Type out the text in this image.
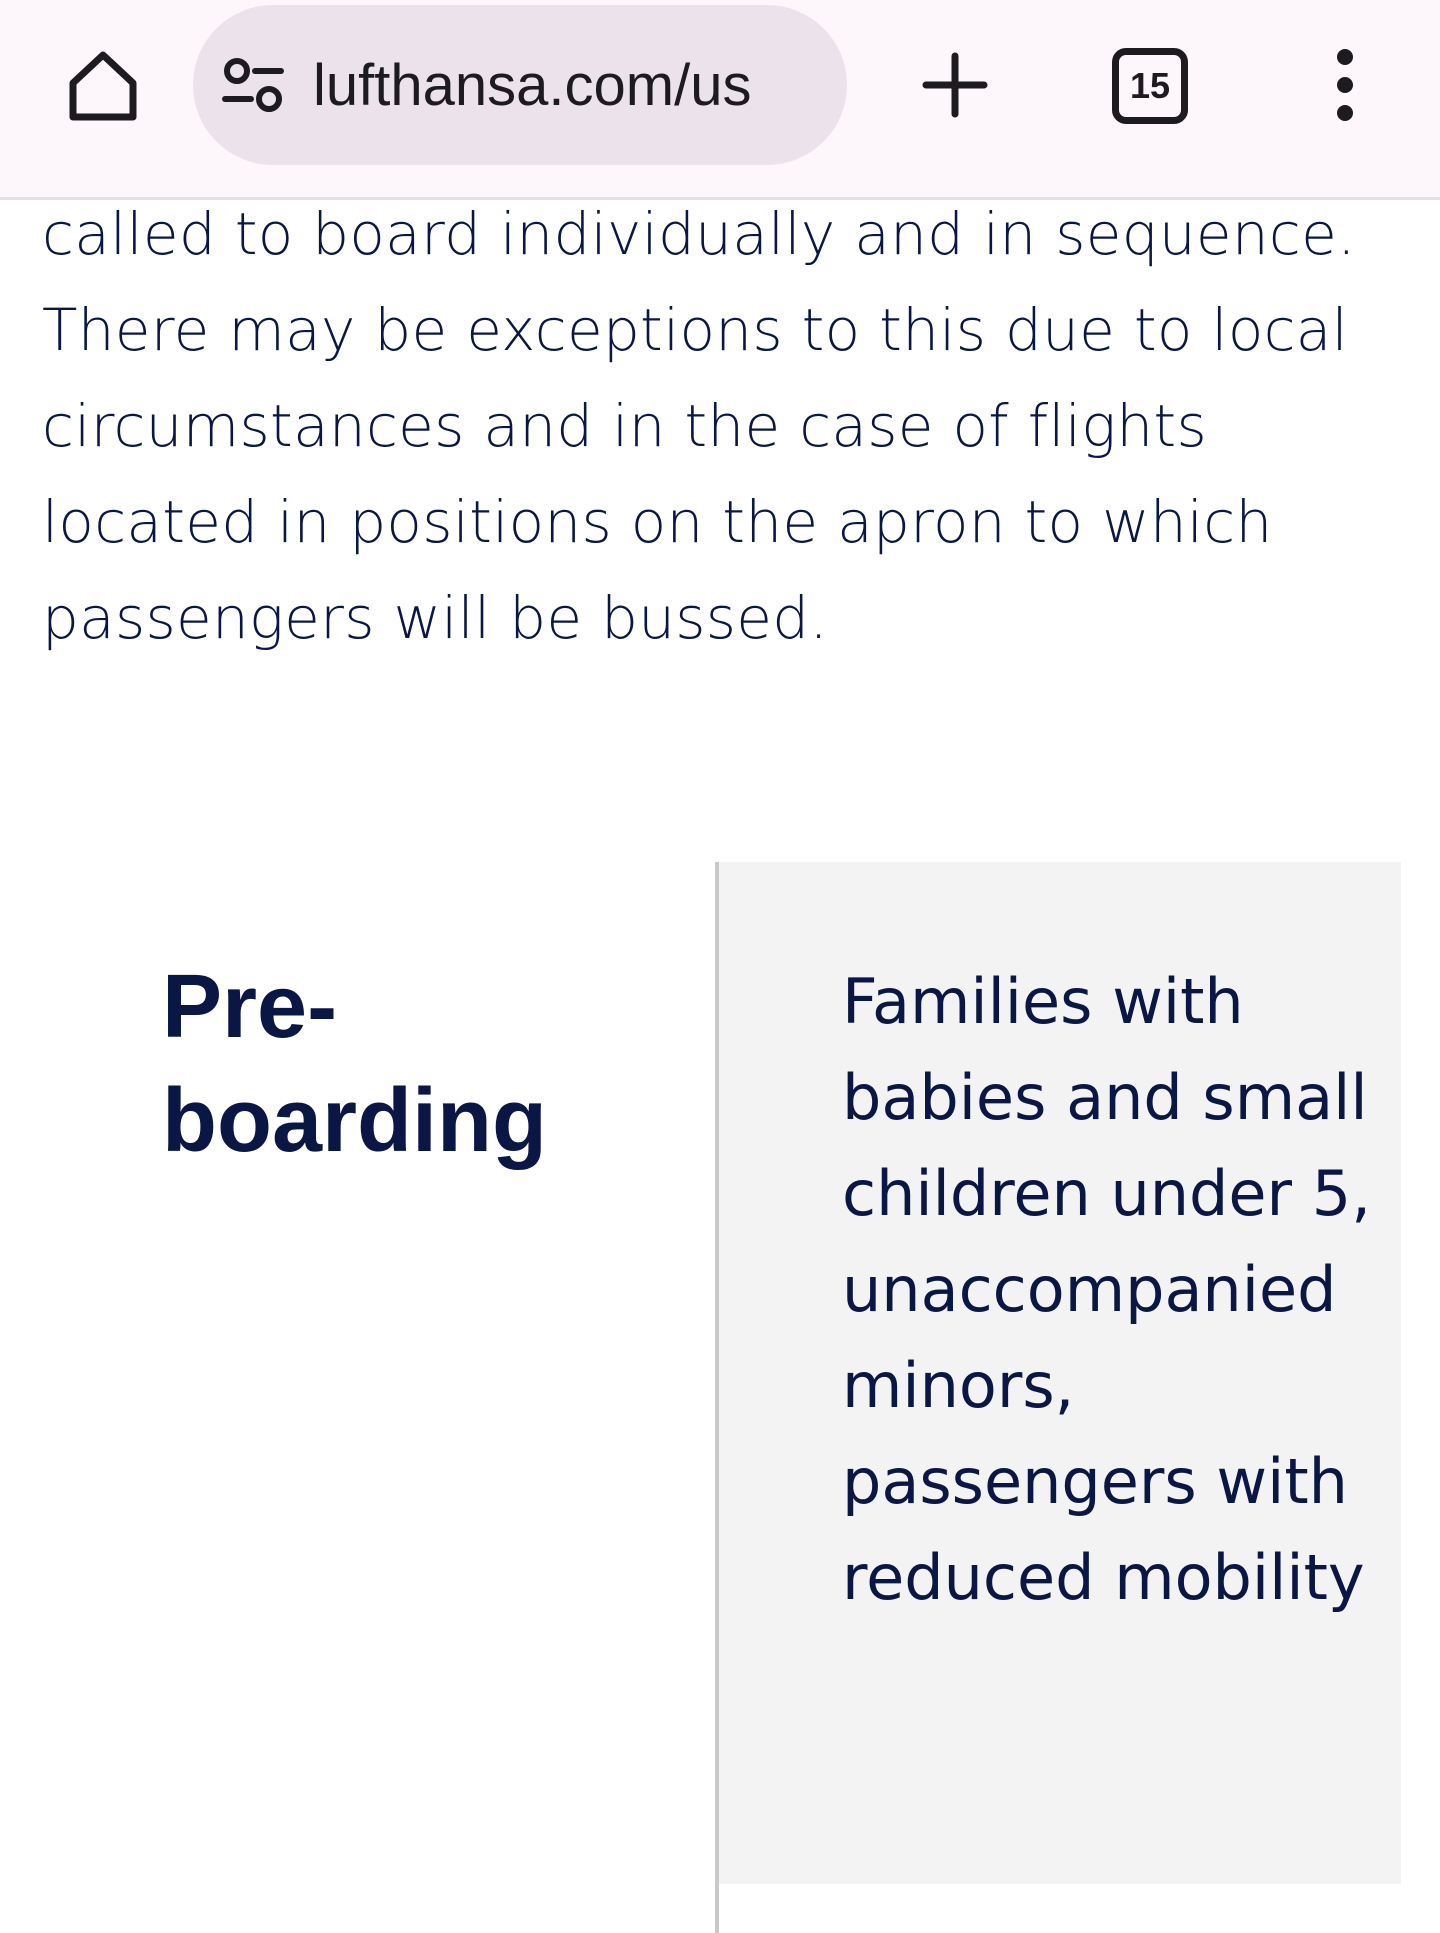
lufthansa.com/us	15

called to board individually and in sequence. There may be exceptions to this due to local circumstances and in the case of flights located in positions on the apron to which passengers will be bussed.

Pre-boarding

Families with babies and small children under 5, unaccompanied minors, passengers with reduced mobility
